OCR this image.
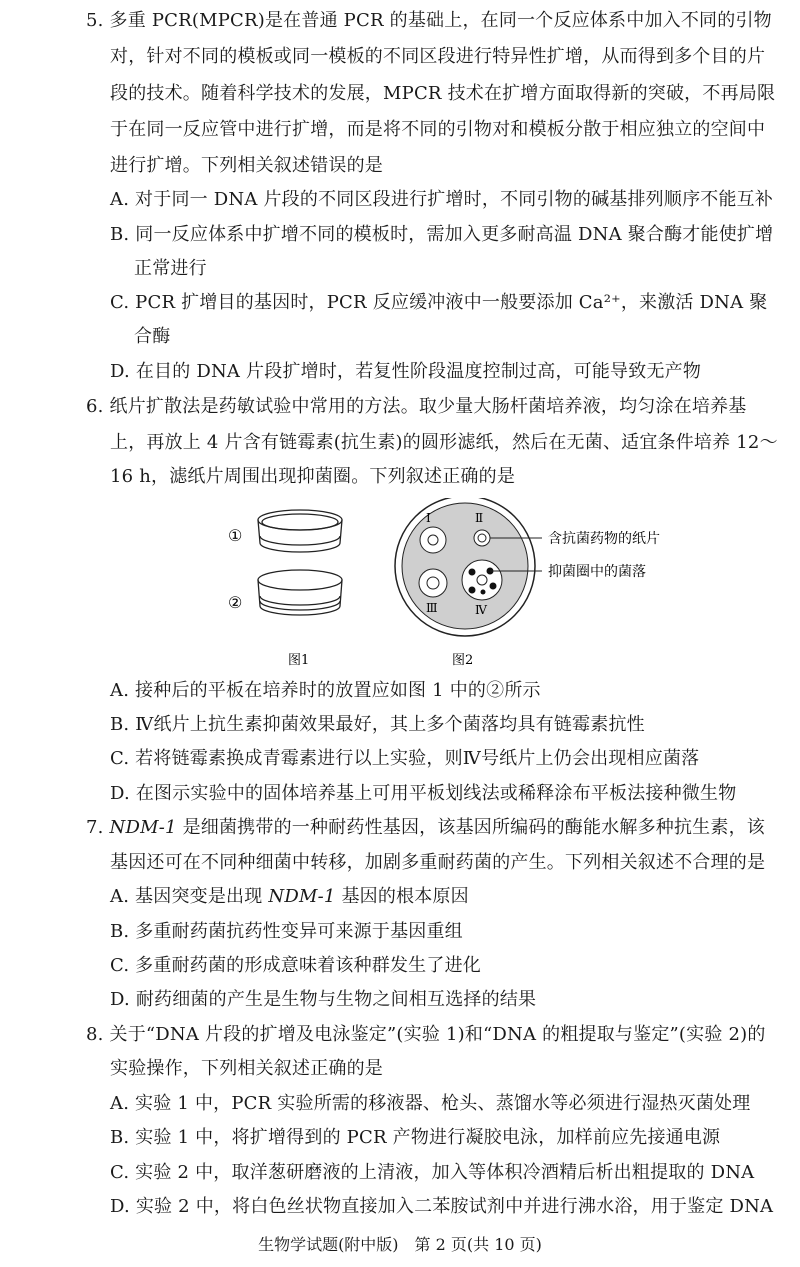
5. 多重 PCR(MPCR)是在普通 PCR 的基础上，在同一个反应体系中加入不同的引物
对，针对不同的模板或同一模板的不同区段进行特异性扩增，从而得到多个目的片
段的技术。随着科学技术的发展，MPCR 技术在扩增方面取得新的突破，不再局限
于在同一反应管中进行扩增，而是将不同的引物对和模板分散于相应独立的空间中
进行扩增。下列相关叙述错误的是
A. 对于同一 DNA 片段的不同区段进行扩增时，不同引物的碱基排列顺序不能互补
B. 同一反应体系中扩增不同的模板时，需加入更多耐高温 DNA 聚合酶才能使扩增
正常进行
C. PCR 扩增目的基因时，PCR 反应缓冲液中一般要添加 Ca²⁺，来激活 DNA 聚
合酶
D. 在目的 DNA 片段扩增时，若复性阶段温度控制过高，可能导致无产物
6. 纸片扩散法是药敏试验中常用的方法。取少量大肠杆菌培养液，均匀涂在培养基
上，再放上 4 片含有链霉素(抗生素)的圆形滤纸，然后在无菌、适宜条件培养 12～
16 h，滤纸片周围出现抑菌圈。下列叙述正确的是
①
②
图1
Ⅰ	Ⅱ
Ⅲ	Ⅳ
含抗菌药物的纸片
抑菌圈中的菌落
图2
A. 接种后的平板在培养时的放置应如图 1 中的②所示
B. Ⅳ纸片上抗生素抑菌效果最好，其上多个菌落均具有链霉素抗性
C. 若将链霉素换成青霉素进行以上实验，则Ⅳ号纸片上仍会出现相应菌落
D. 在图示实验中的固体培养基上可用平板划线法或稀释涂布平板法接种微生物
7. NDM-1 是细菌携带的一种耐药性基因，该基因所编码的酶能水解多种抗生素，该
基因还可在不同种细菌中转移，加剧多重耐药菌的产生。下列相关叙述不合理的是
A. 基因突变是出现 NDM-1 基因的根本原因
B. 多重耐药菌抗药性变异可来源于基因重组
C. 多重耐药菌的形成意味着该种群发生了进化
D. 耐药细菌的产生是生物与生物之间相互选择的结果
8. 关于“DNA 片段的扩增及电泳鉴定”(实验 1)和“DNA 的粗提取与鉴定”(实验 2)的
实验操作，下列相关叙述正确的是
A. 实验 1 中，PCR 实验所需的移液器、枪头、蒸馏水等必须进行湿热灭菌处理
B. 实验 1 中，将扩增得到的 PCR 产物进行凝胶电泳，加样前应先接通电源
C. 实验 2 中，取洋葱研磨液的上清液，加入等体积冷酒精后析出粗提取的 DNA
D. 实验 2 中，将白色丝状物直接加入二苯胺试剂中并进行沸水浴，用于鉴定 DNA
生物学试题(附中版)　第 2 页(共 10 页)
